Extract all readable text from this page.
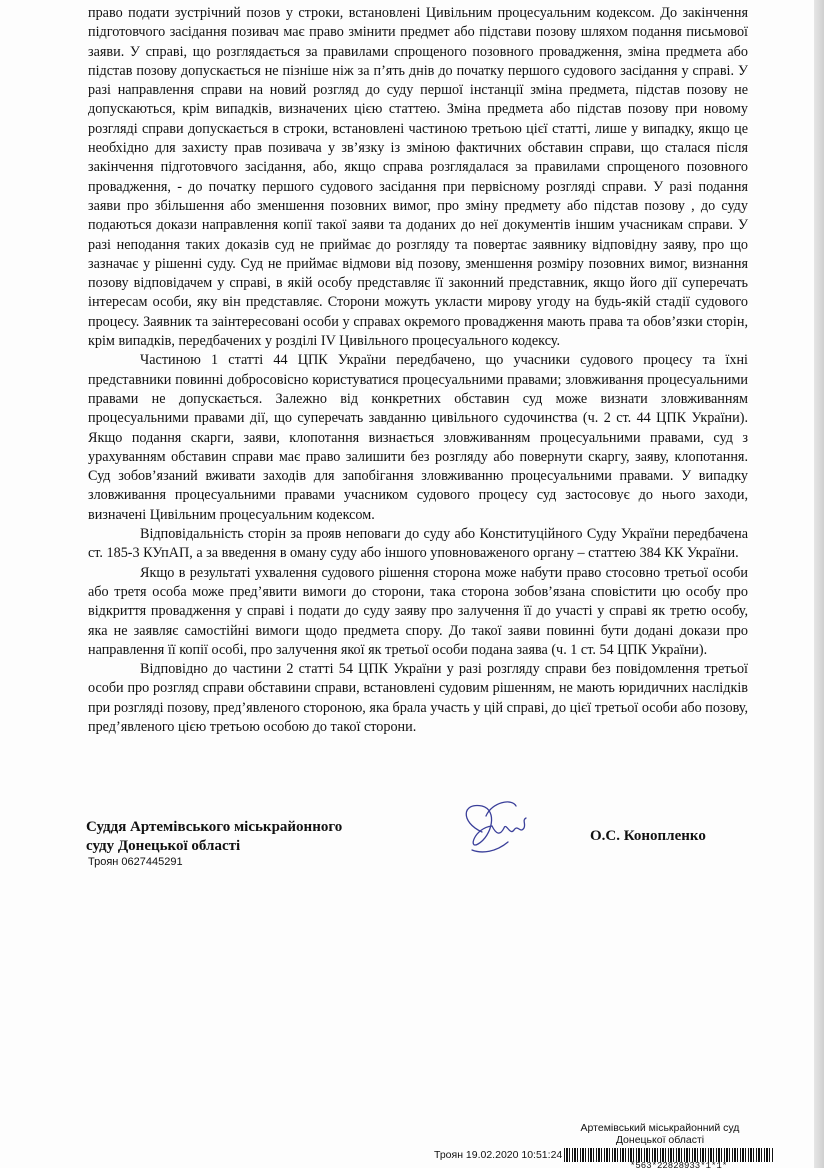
право подати зустрічний позов у строки, встановлені Цивільним процесуальним кодексом. До закінчення підготовчого засідання позивач має право змінити предмет або підстави позову шляхом подання письмової заяви. У справі, що розглядається за правилами спрощеного позовного провадження, зміна предмета або підстав позову допускається не пізніше ніж за п’ять днів до початку першого судового засідання у справі. У разі направлення справи на новий розгляд до суду першої інстанції зміна предмета, підстав позову не допускаються, крім випадків, визначених цією статтею. Зміна предмета або підстав позову при новому розгляді справи допускається в строки, встановлені частиною третьою цієї статті, лише у випадку, якщо це необхідно для захисту прав позивача у зв’язку із зміною фактичних обставин справи, що сталася після закінчення підготовчого засідання, або, якщо справа розглядалася за правилами спрощеного позовного провадження, - до початку першого судового засідання при первісному розгляді справи. У разі подання заяви про збільшення або зменшення позовних вимог, про зміну предмету або підстав позову , до суду подаються докази направлення копії такої заяви та доданих до неї документів іншим учасникам справи. У разі неподання таких доказів суд не приймає до розгляду та повертає заявнику відповідну заяву, про що зазначає у рішенні суду. Суд не приймає відмови від позову, зменшення розміру позовних вимог, визнання позову відповідачем у справі, в якій особу представляє її законний представник, якщо його дії суперечать інтересам особи, яку він представляє. Сторони можуть укласти мирову угоду на будь-якій стадії судового процесу. Заявник та заінтересовані особи у справах окремого провадження мають права та обов’язки сторін, крім випадків, передбачених у розділі IV Цивільного процесуального кодексу.

Частиною 1 статті 44 ЦПК України передбачено, що учасники судового процесу та їхні представники повинні добросовісно користуватися процесуальними правами; зловживання процесуальними правами не допускається. Залежно від конкретних обставин суд може визнати зловживанням процесуальними правами дії, що суперечать завданню цивільного судочинства (ч. 2 ст. 44 ЦПК України). Якщо подання скарги, заяви, клопотання визнається зловживанням процесуальними правами, суд з урахуванням обставин справи має право залишити без розгляду або повернути скаргу, заяву, клопотання. Суд зобов’язаний вживати заходів для запобігання зловживанню процесуальними правами. У випадку зловживання процесуальними правами учасником судового процесу суд застосовує до нього заходи, визначені Цивільним процесуальним кодексом.

Відповідальність сторін за прояв неповаги до суду або Конституційного Суду України передбачена ст. 185-3 КУпАП, а за введення в оману суду або іншого уповноваженого органу – статтею 384 КК України.

Якщо в результаті ухвалення судового рішення сторона може набути право стосовно третьої особи або третя особа може пред’явити вимоги до сторони, така сторона зобов’язана сповістити цю особу про відкриття провадження у справі і подати до суду заяву про залучення її до участі у справі як третю особу, яка не заявляє самостійні вимоги щодо предмета спору. До такої заяви повинні бути додані докази про направлення її копії особі, про залучення якої як третьої особи подана заява (ч. 1 ст. 54 ЦПК України).

Відповідно до частини 2 статті 54 ЦПК України у разі розгляду справи без повідомлення третьої особи про розгляд справи обставини справи, встановлені судовим рішенням, не мають юридичних наслідків при розгляді позову, пред’явленого стороною, яка брала участь у цій справі, до цієї третьої особи або позову, пред’явленого цією третьою особою до такої сторони.

Суддя Артемівського міськрайонного
суду Донецької області
Троян 0627445291
О.С. Конопленко
Артемівський міськрайонний суд
Донецької області
Троян 19.02.2020 10:51:24
*563*22828933*1*1*
